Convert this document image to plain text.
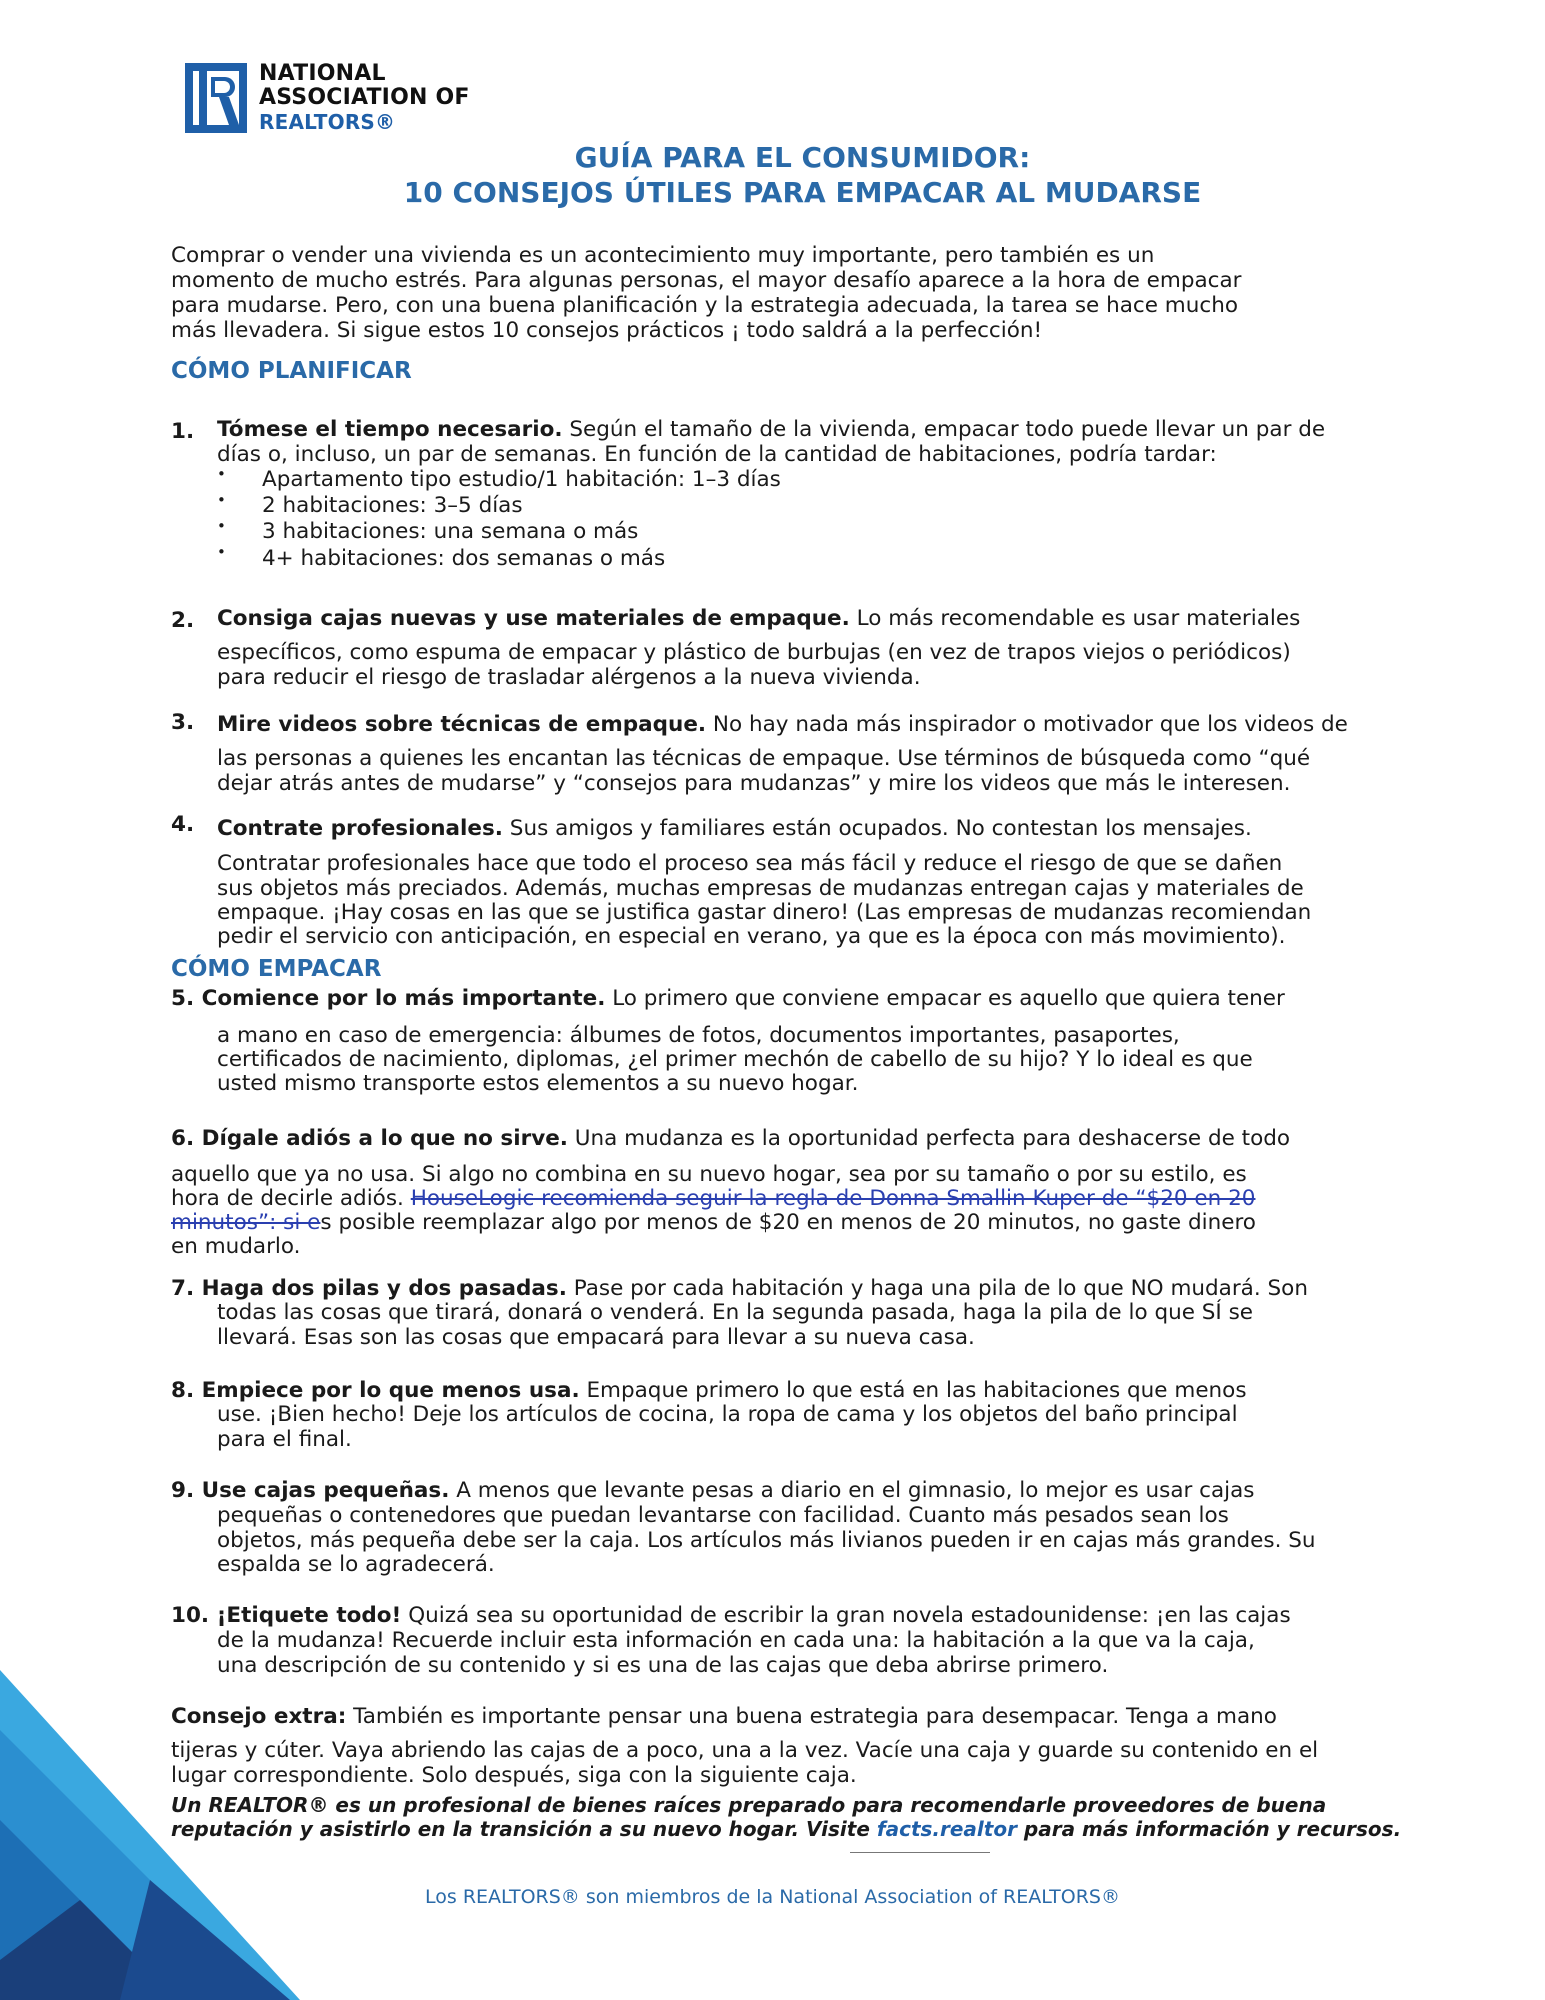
NATIONAL
ASSOCIATION OF
REALTORS®
GUÍA PARA EL CONSUMIDOR:
10 CONSEJOS ÚTILES PARA EMPACAR AL MUDARSE
Comprar o vender una vivienda es un acontecimiento muy importante, pero también es un
momento de mucho estrés. Para algunas personas, el mayor desafío aparece a la hora de empacar
para mudarse. Pero, con una buena planificación y la estrategia adecuada, la tarea se hace mucho
más llevadera. Si sigue estos 10 consejos prácticos ¡ todo saldrá a la perfección!
CÓMO PLANIFICAR
1. Tómese el tiempo necesario. Según el tamaño de la vivienda, empacar todo puede llevar un par de
días o, incluso, un par de semanas. En función de la cantidad de habitaciones, podría tardar:
• Apartamento tipo estudio/1 habitación: 1–3 días
• 2 habitaciones: 3–5 días
• 3 habitaciones: una semana o más
• 4+ habitaciones: dos semanas o más
2. Consiga cajas nuevas y use materiales de empaque. Lo más recomendable es usar materiales
específicos, como espuma de empacar y plástico de burbujas (en vez de trapos viejos o periódicos)
para reducir el riesgo de trasladar alérgenos a la nueva vivienda.
3. Mire videos sobre técnicas de empaque. No hay nada más inspirador o motivador que los videos de
las personas a quienes les encantan las técnicas de empaque. Use términos de búsqueda como “qué
dejar atrás antes de mudarse” y “consejos para mudanzas” y mire los videos que más le interesen.
4. Contrate profesionales. Sus amigos y familiares están ocupados. No contestan los mensajes.
Contratar profesionales hace que todo el proceso sea más fácil y reduce el riesgo de que se dañen
sus objetos más preciados. Además, muchas empresas de mudanzas entregan cajas y materiales de
empaque. ¡Hay cosas en las que se justifica gastar dinero! (Las empresas de mudanzas recomiendan
pedir el servicio con anticipación, en especial en verano, ya que es la época con más movimiento).
CÓMO EMPACAR
5. Comience por lo más importante. Lo primero que conviene empacar es aquello que quiera tener
a mano en caso de emergencia: álbumes de fotos, documentos importantes, pasaportes,
certificados de nacimiento, diplomas, ¿el primer mechón de cabello de su hijo? Y lo ideal es que
usted mismo transporte estos elementos a su nuevo hogar.
6. Dígale adiós a lo que no sirve. Una mudanza es la oportunidad perfecta para deshacerse de todo
aquello que ya no usa. Si algo no combina en su nuevo hogar, sea por su tamaño o por su estilo, es
hora de decirle adiós. HouseLogic recomienda seguir la regla de Donna Smallin Kuper de “$20 en 20
minutos”: si es posible reemplazar algo por menos de $20 en menos de 20 minutos, no gaste dinero
en mudarlo.
7. Haga dos pilas y dos pasadas. Pase por cada habitación y haga una pila de lo que NO mudará. Son
todas las cosas que tirará, donará o venderá. En la segunda pasada, haga la pila de lo que SÍ se
llevará. Esas son las cosas que empacará para llevar a su nueva casa.
8. Empiece por lo que menos usa. Empaque primero lo que está en las habitaciones que menos
use. ¡Bien hecho! Deje los artículos de cocina, la ropa de cama y los objetos del baño principal
para el final.
9. Use cajas pequeñas. A menos que levante pesas a diario en el gimnasio, lo mejor es usar cajas
pequeñas o contenedores que puedan levantarse con facilidad. Cuanto más pesados sean los
objetos, más pequeña debe ser la caja. Los artículos más livianos pueden ir en cajas más grandes. Su
espalda se lo agradecerá.
10. ¡Etiquete todo! Quizá sea su oportunidad de escribir la gran novela estadounidense: ¡en las cajas
de la mudanza! Recuerde incluir esta información en cada una: la habitación a la que va la caja,
una descripción de su contenido y si es una de las cajas que deba abrirse primero.
Consejo extra: También es importante pensar una buena estrategia para desempacar. Tenga a mano
tijeras y cúter. Vaya abriendo las cajas de a poco, una a la vez. Vacíe una caja y guarde su contenido en el
lugar correspondiente. Solo después, siga con la siguiente caja.
Un REALTOR® es un profesional de bienes raíces preparado para recomendarle proveedores de buena
reputación y asistirlo en la transición a su nuevo hogar. Visite facts.realtor para más información y recursos.
Los REALTORS® son miembros de la National Association of REALTORS®
